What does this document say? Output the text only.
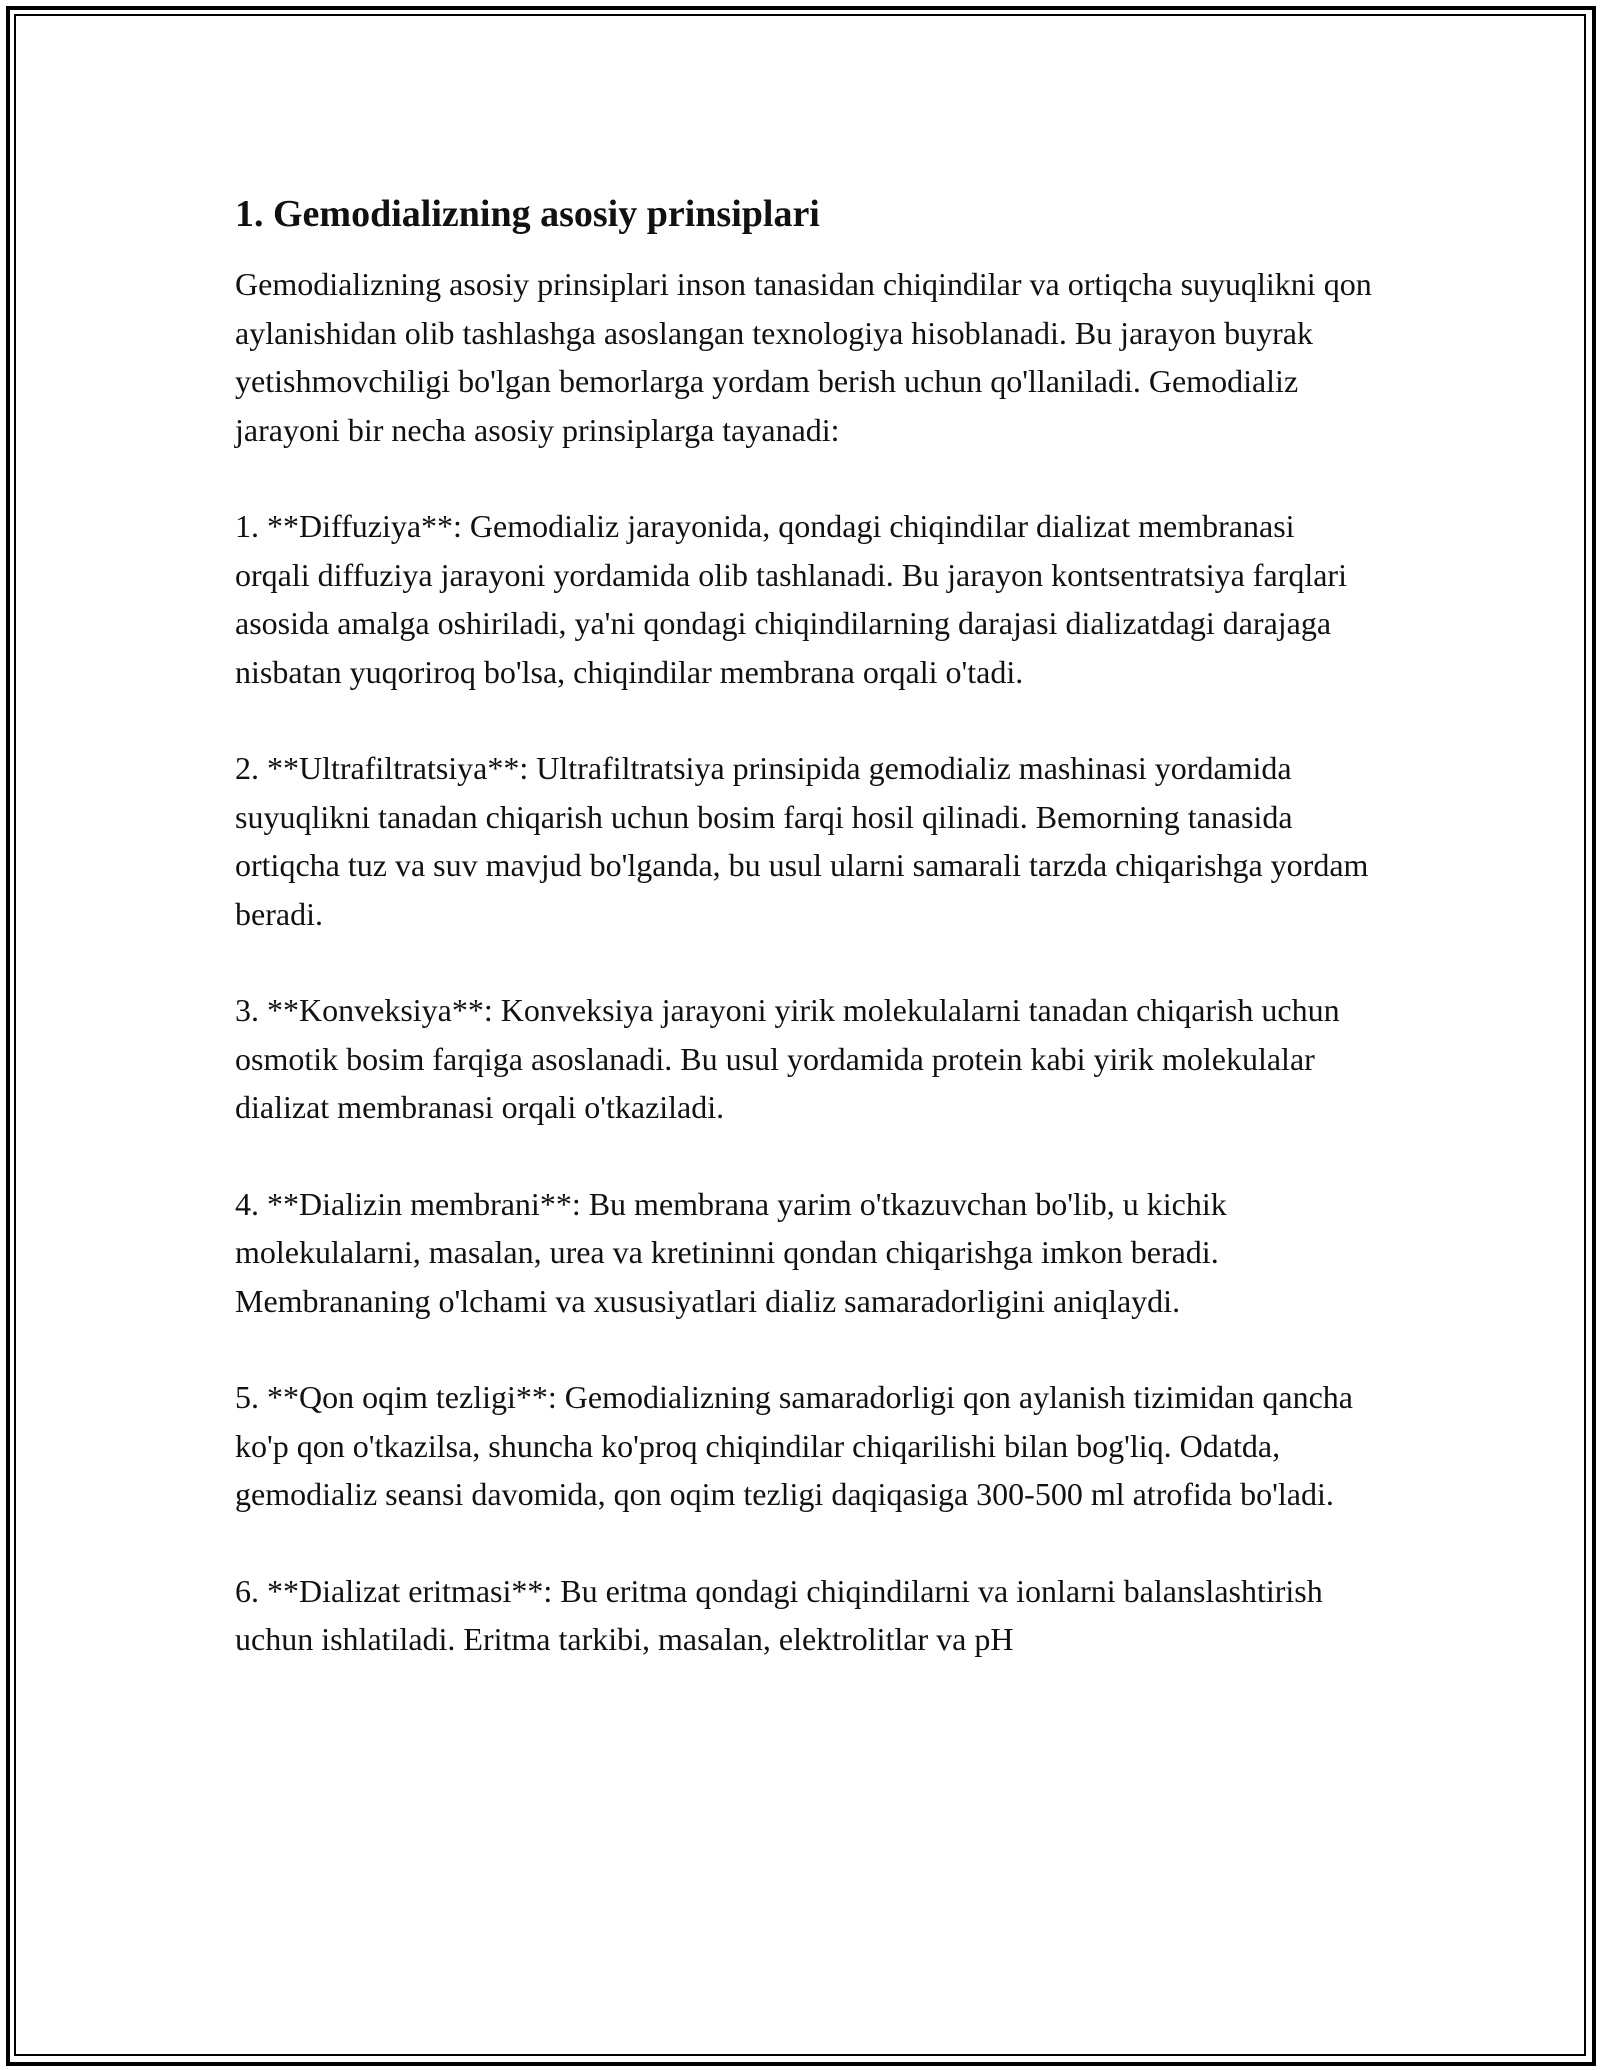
1. Gemodializning asosiy prinsiplari

Gemodializning asosiy prinsiplari inson tanasidan chiqindilar va ortiqcha suyuqlikni qon aylanishidan olib tashlashga asoslangan texnologiya hisoblanadi. Bu jarayon buyrak yetishmovchiligi bo'lgan bemorlarga yordam berish uchun qo'llaniladi. Gemodializ jarayoni bir necha asosiy prinsiplarga tayanadi:

1. **Diffuziya**: Gemodializ jarayonida, qondagi chiqindilar dializat membranasi orqali diffuziya jarayoni yordamida olib tashlanadi. Bu jarayon kontsentratsiya farqlari asosida amalga oshiriladi, ya'ni qondagi chiqindilarning darajasi dializatdagi darajaga nisbatan yuqoriroq bo'lsa, chiqindilar membrana orqali o'tadi.

2. **Ultrafiltratsiya**: Ultrafiltratsiya prinsipida gemodializ mashinasi yordamida suyuqlikni tanadan chiqarish uchun bosim farqi hosil qilinadi. Bemorning tanasida ortiqcha tuz va suv mavjud bo'lganda, bu usul ularni samarali tarzda chiqarishga yordam beradi.

3. **Konveksiya**: Konveksiya jarayoni yirik molekulalarni tanadan chiqarish uchun osmotik bosim farqiga asoslanadi. Bu usul yordamida protein kabi yirik molekulalar dializat membranasi orqali o'tkaziladi.

4. **Dializin membrani**: Bu membrana yarim o'tkazuvchan bo'lib, u kichik molekulalarni, masalan, urea va kretininni qondan chiqarishga imkon beradi. Membrananing o'lchami va xususiyatlari dializ samaradorligini aniqlaydi.

5. **Qon oqim tezligi**: Gemodializning samaradorligi qon aylanish tizimidan qancha ko'p qon o'tkazilsa, shuncha ko'proq chiqindilar chiqarilishi bilan bog'liq. Odatda, gemodializ seansi davomida, qon oqim tezligi daqiqasiga 300-500 ml atrofida bo'ladi.

6. **Dializat eritmasi**: Bu eritma qondagi chiqindilarni va ionlarni balanslashtirish uchun ishlatiladi. Eritma tarkibi, masalan, elektrolitlar va pH
